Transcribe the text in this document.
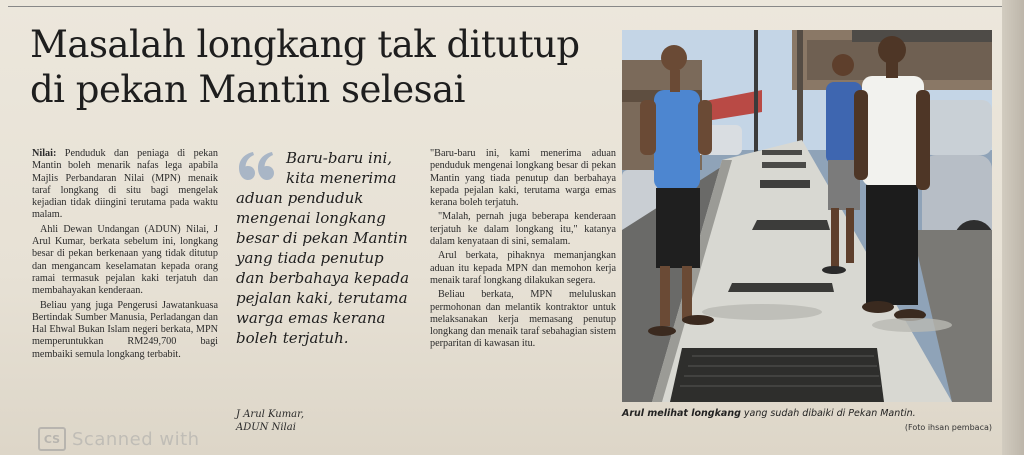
Masalah longkang tak ditutup
di pekan Mantin selesai

Nilai: Penduduk dan peniaga di pekan Mantin boleh menarik nafas lega apabila Majlis Perbandaran Nilai (MPN) menaik taraf longkang di situ bagi mengelak kejadian tidak diingini terutama pada waktu malam.

Ahli Dewan Undangan (ADUN) Nilai, J Arul Kumar, berkata sebelum ini, longkang besar di pekan berkenaan yang tidak ditutup dan mengancam keselamatan kepada orang ramai termasuk pejalan kaki terjatuh dan membahayakan kenderaan.

Beliau yang juga Pengerusi Jawatankuasa Bertindak Sumber Manusia, Perladangan dan Hal Ehwal Bukan Islam negeri berkata, MPN memperuntukkan RM249,700 bagi membaiki semula longkang terbabit.

Baru-baru ini, kita menerima
aduan penduduk mengenai longkang besar di pekan Mantin yang tiada penutup dan berbahaya kepada pejalan kaki, terutama warga emas kerana boleh terjatuh.

J Arul Kumar,
ADUN Nilai

"Baru-baru ini, kami menerima aduan penduduk mengenai longkang besar di pekan Mantin yang tiada penutup dan berbahaya kepada pejalan kaki, terutama warga emas kerana boleh terjatuh.

"Malah, pernah juga beberapa kenderaan terjatuh ke dalam longkang itu," katanya dalam kenyataan di sini, semalam.

Arul berkata, pihaknya memanjangkan aduan itu kepada MPN dan memohon kerja menaik taraf longkang dilakukan segera.

Beliau berkata, MPN meluluskan permohonan dan melantik kontraktor untuk melaksanakan kerja memasang penutup longkang dan menaik taraf sebahagian sistem perparitan di kawasan itu.

Arul melihat longkang yang sudah dibaiki di Pekan Mantin.
(Foto ihsan pembaca)
CS Scanned with
